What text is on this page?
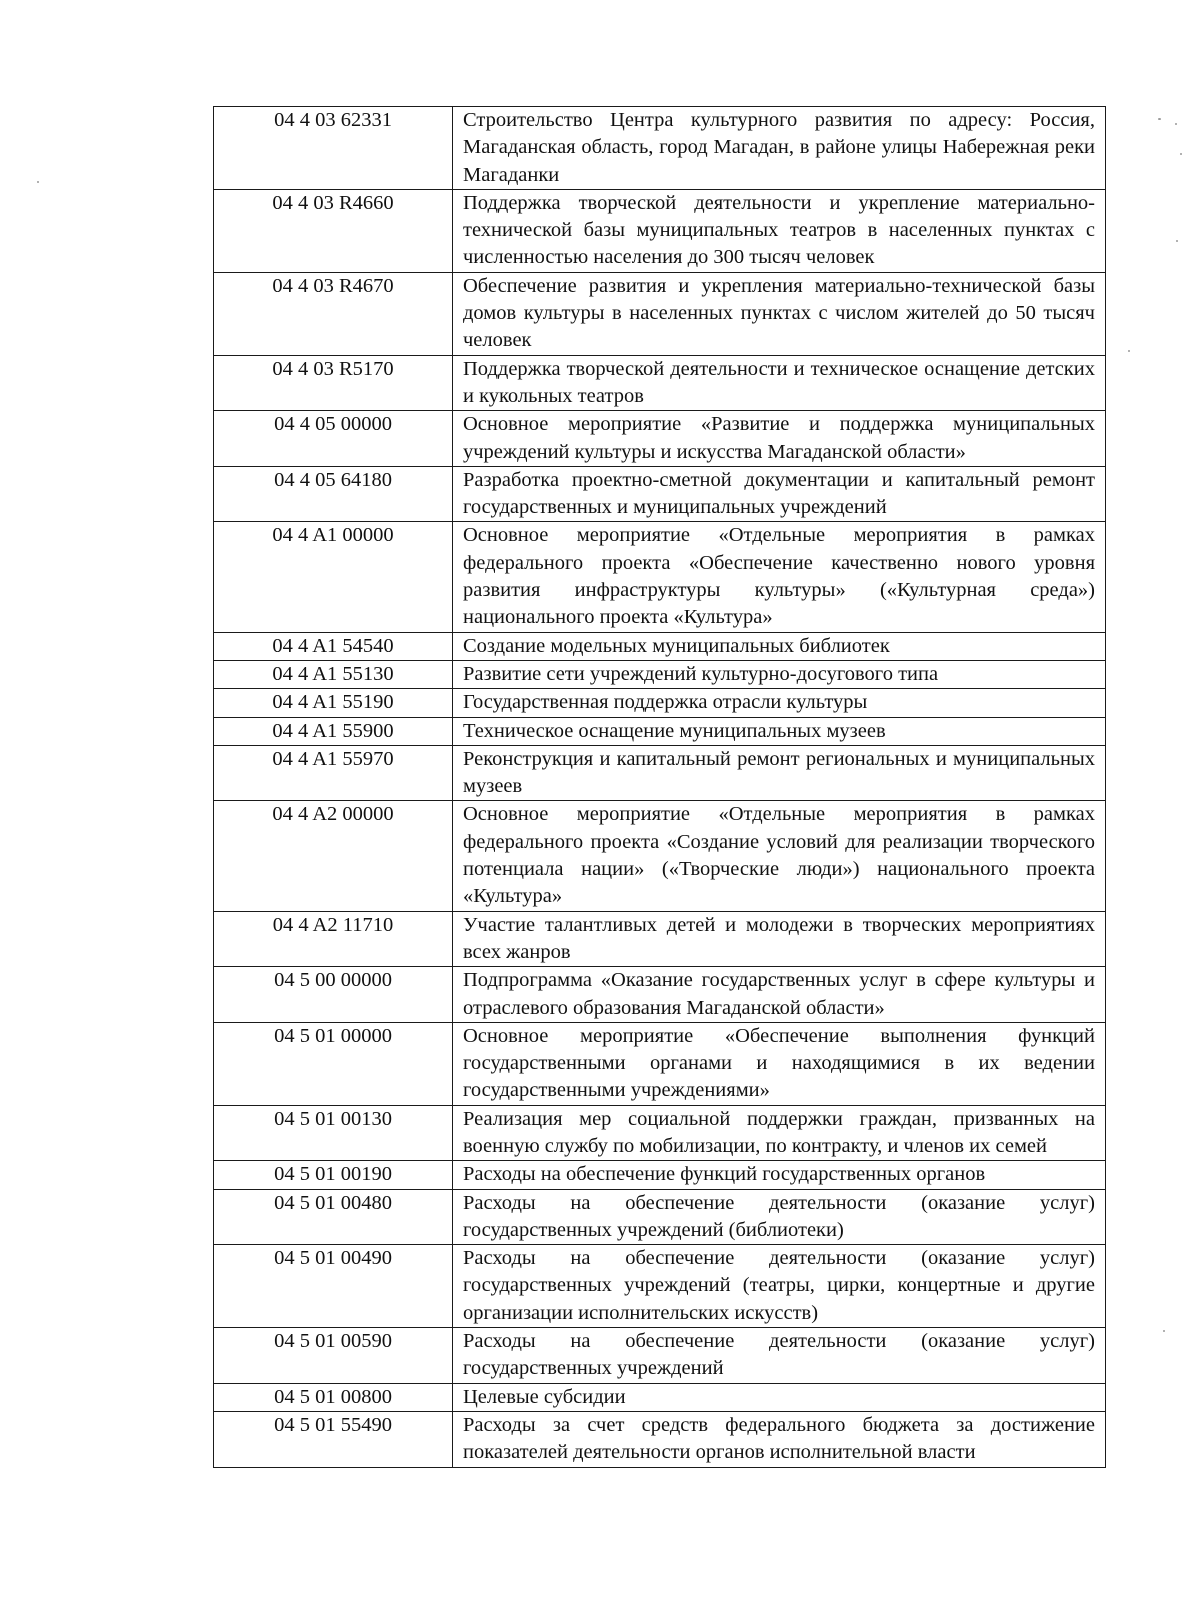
04 4 03 62331	Строительство Центра культурного развития по адресу: Россия, Магаданская область, город Магадан, в районе улицы Набережная реки Магаданки
04 4 03 R4660	Поддержка творческой деятельности и укрепление материально-технической базы муниципальных театров в населенных пунктах с численностью населения до 300 тысяч человек
04 4 03 R4670	Обеспечение развития и укрепления материально-технической базы домов культуры в населенных пунктах с числом жителей до 50 тысяч человек
04 4 03 R5170	Поддержка творческой деятельности и техническое оснащение детских и кукольных театров
04 4 05 00000	Основное мероприятие «Развитие и поддержка муниципальных учреждений культуры и искусства Магаданской области»
04 4 05 64180	Разработка проектно-сметной документации и капитальный ремонт государственных и муниципальных учреждений
04 4 A1 00000	Основное мероприятие «Отдельные мероприятия в рамках федерального проекта «Обеспечение качественно нового уровня развития инфраструктуры культуры» («Культурная среда») национального проекта «Культура»
04 4 A1 54540	Создание модельных муниципальных библиотек
04 4 A1 55130	Развитие сети учреждений культурно-досугового типа
04 4 A1 55190	Государственная поддержка отрасли культуры
04 4 A1 55900	Техническое оснащение муниципальных музеев
04 4 A1 55970	Реконструкция и капитальный ремонт региональных и муниципальных музеев
04 4 A2 00000	Основное мероприятие «Отдельные мероприятия в рамках федерального проекта «Создание условий для реализации творческого потенциала нации» («Творческие люди») национального проекта «Культура»
04 4 A2 11710	Участие талантливых детей и молодежи в творческих мероприятиях всех жанров
04 5 00 00000	Подпрограмма «Оказание государственных услуг в сфере культуры и отраслевого образования Магаданской области»
04 5 01 00000	Основное мероприятие «Обеспечение выполнения функций государственными органами и находящимися в их ведении государственными учреждениями»
04 5 01 00130	Реализация мер социальной поддержки граждан, призванных на военную службу по мобилизации, по контракту, и членов их семей
04 5 01 00190	Расходы на обеспечение функций государственных органов
04 5 01 00480	Расходы на обеспечение деятельности (оказание услуг) государственных учреждений (библиотеки)
04 5 01 00490	Расходы на обеспечение деятельности (оказание услуг) государственных учреждений (театры, цирки, концертные и другие организации исполнительских искусств)
04 5 01 00590	Расходы на обеспечение деятельности (оказание услуг) государственных учреждений
04 5 01 00800	Целевые субсидии
04 5 01 55490	Расходы за счет средств федерального бюджета за достижение показателей деятельности органов исполнительной власти
